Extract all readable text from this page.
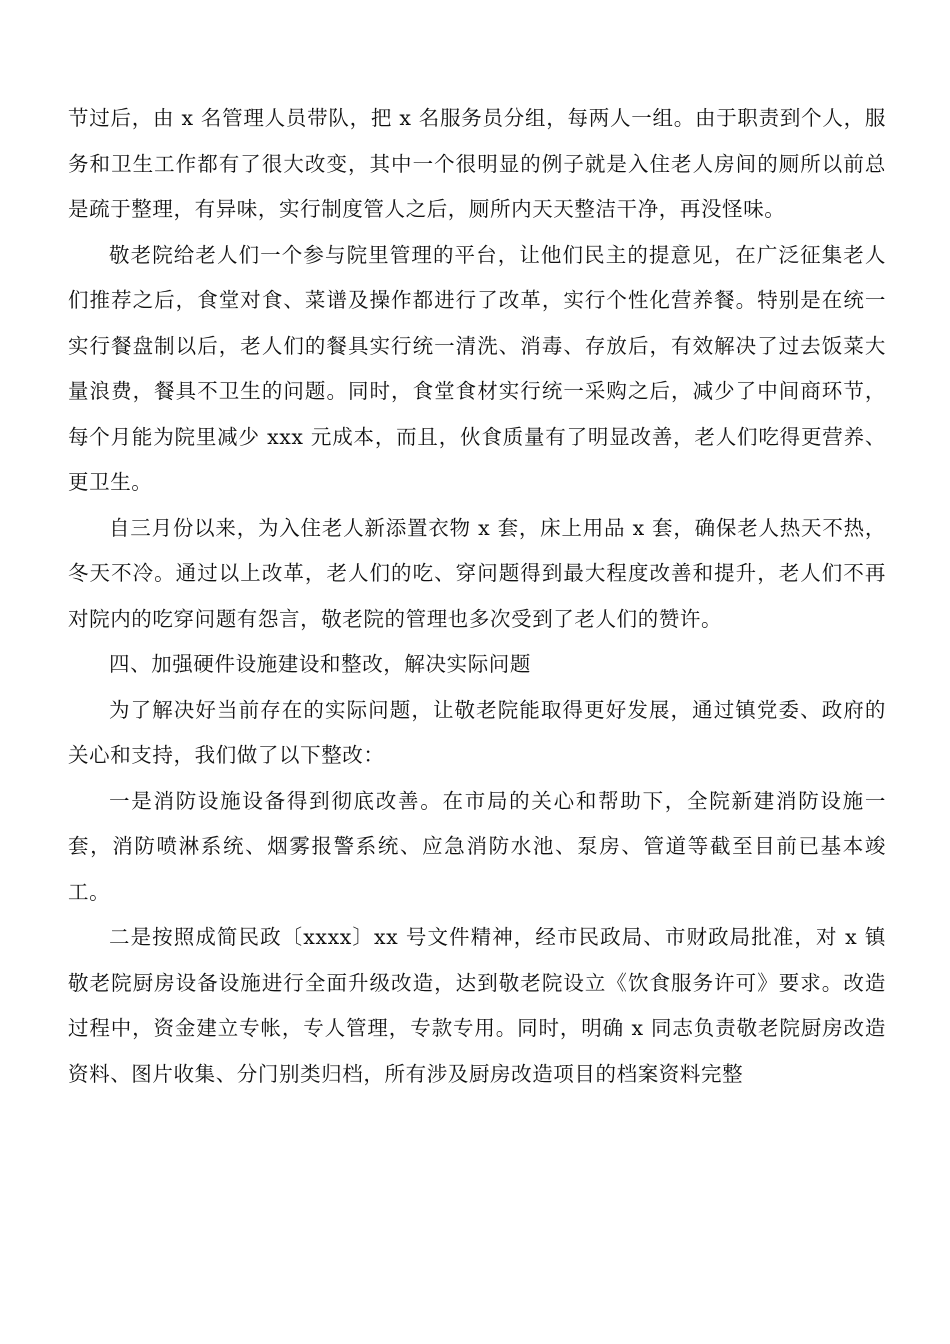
节过后，由 x 名管理人员带队，把 x 名服务员分组，每两人一组。由于职责到个人，服务和卫生工作都有了很大改变，其中一个很明显的例子就是入住老人房间的厕所以前总是疏于整理，有异味，实行制度管人之后，厕所内天天整洁干净，再没怪味。

敬老院给老人们一个参与院里管理的平台，让他们民主的提意见，在广泛征集老人们推荐之后，食堂对食、菜谱及操作都进行了改革，实行个性化营养餐。特别是在统一实行餐盘制以后，老人们的餐具实行统一清洗、消毒、存放后，有效解决了过去饭菜大量浪费，餐具不卫生的问题。同时，食堂食材实行统一采购之后，减少了中间商环节，每个月能为院里减少 xxx 元成本，而且，伙食质量有了明显改善，老人们吃得更营养、更卫生。

自三月份以来，为入住老人新添置衣物 x 套，床上用品 x 套，确保老人热天不热，冬天不冷。通过以上改革，老人们的吃、穿问题得到最大程度改善和提升，老人们不再对院内的吃穿问题有怨言，敬老院的管理也多次受到了老人们的赞许。

四、加强硬件设施建设和整改，解决实际问题

为了解决好当前存在的实际问题，让敬老院能取得更好发展，通过镇党委、政府的关心和支持，我们做了以下整改：

一是消防设施设备得到彻底改善。在市局的关心和帮助下，全院新建消防设施一套，消防喷淋系统、烟雾报警系统、应急消防水池、泵房、管道等截至目前已基本竣工。

二是按照成简民政〔xxxx〕xx 号文件精神，经市民政局、市财政局批准，对 x 镇敬老院厨房设备设施进行全面升级改造，达到敬老院设立《饮食服务许可》要求。改造过程中，资金建立专帐，专人管理，专款专用。同时，明确 x 同志负责敬老院厨房改造资料、图片收集、分门别类归档，所有涉及厨房改造项目的档案资料完整
